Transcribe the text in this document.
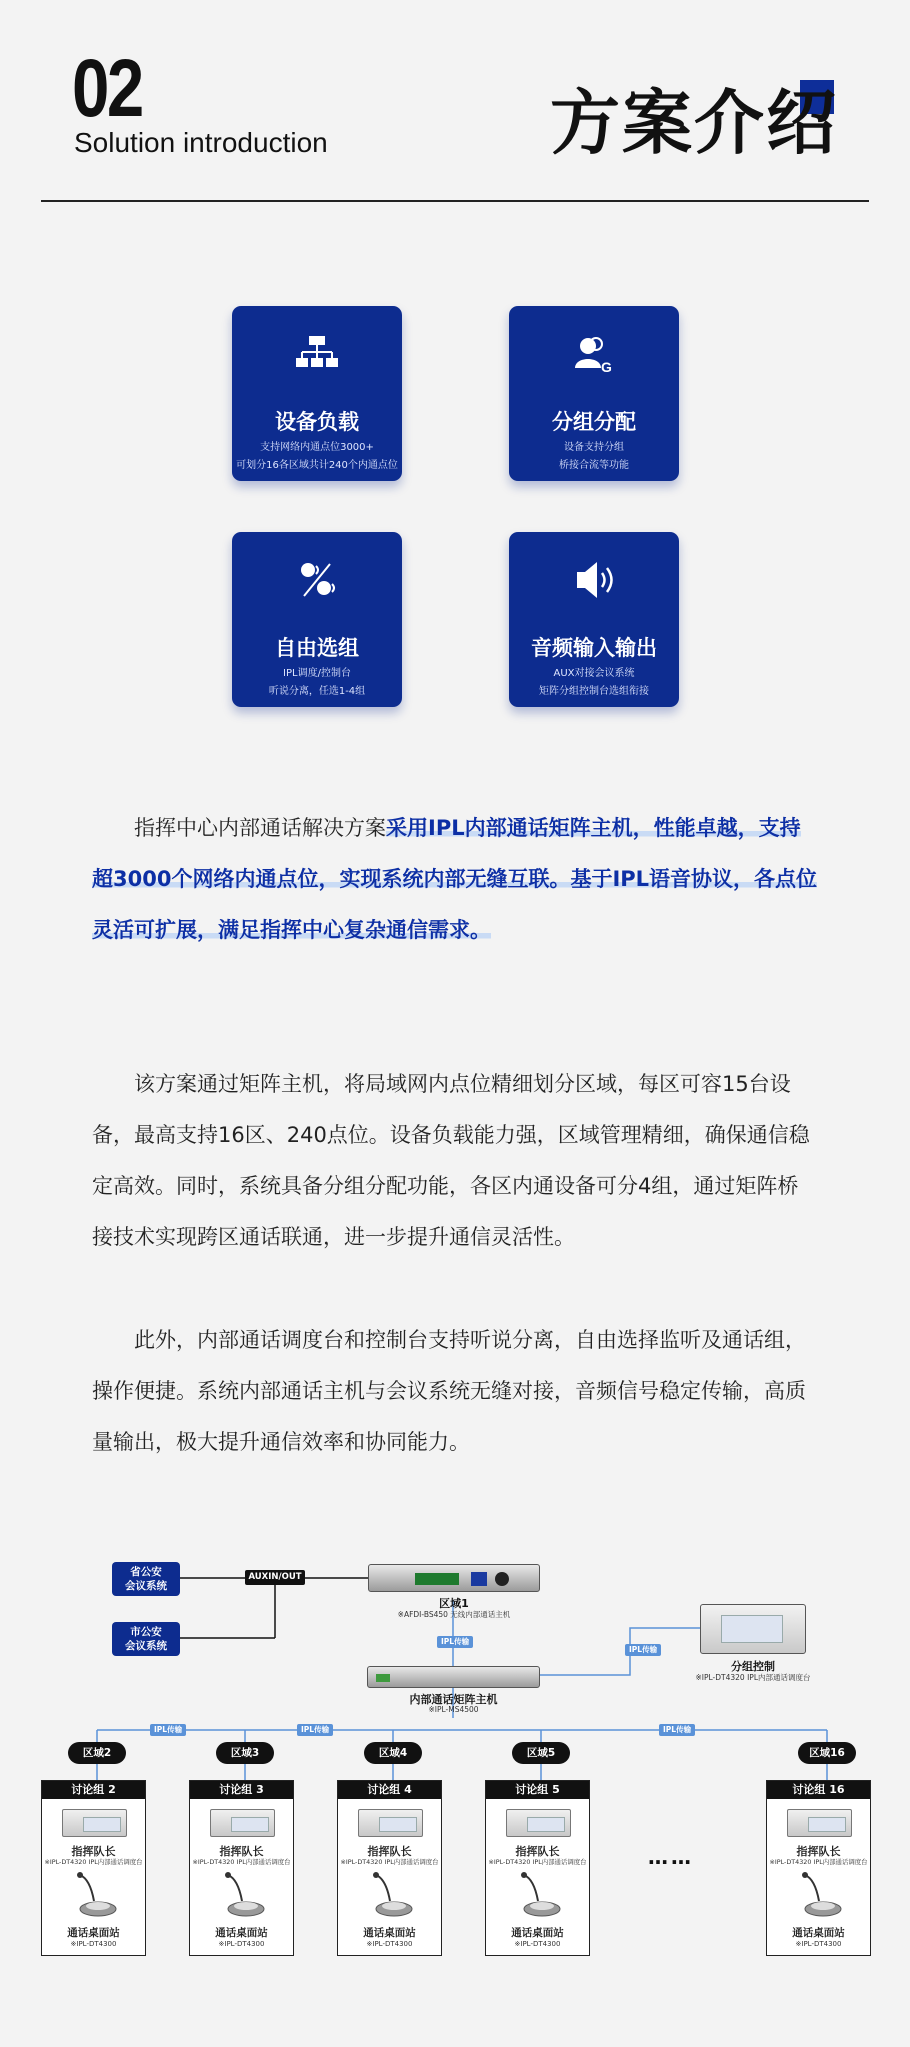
02
Solution introduction	方案介绍
设备负载
支持网络内通点位3000+
可划分16各区域共计240个内通点位
G
分组分配
设备支持分组
桥接合流等功能
自由选组
IPL调度/控制台
听说分离，任选1-4组
音频输入输出
AUX对接会议系统
矩阵分组控制台选组衔接

指挥中心内部通话解决方案采用IPL内部通话矩阵主机，性能卓越，支持超3000个网络内通点位，实现系统内部无缝互联。基于IPL语音协议，各点位灵活可扩展，满足指挥中心复杂通信需求。

该方案通过矩阵主机，将局域网内点位精细划分区域，每区可容15台设备，最高支持16区、240点位。设备负载能力强，区域管理精细，确保通信稳定高效。同时，系统具备分组分配功能，各区内通设备可分4组，通过矩阵桥接技术实现跨区通话联通，进一步提升通信灵活性。

此外，内部通话调度台和控制台支持听说分离，自由选择监听及通话组，操作便捷。系统内部通话主机与会议系统无缝对接，音频信号稳定传输，高质量输出，极大提升通信效率和协同能力。

省公安
会议系统
市公安
会议系统
AUXIN/OUT
区域1
※AFDI-BS450 无线内部通话主机
IPL传输
内部通话矩阵主机
※IPL-MS4500
IPL传输
分组控制
※IPL-DT4320 IPL内部通话调度台
IPL传输	IPL传输	IPL传输
区域2	区域3	区域4	区域5	区域16
讨论组 2
指挥队长
※IPL-DT4320 IPL内部通话调度台
通话桌面站
※IPL-DT4300
讨论组 3
指挥队长
※IPL-DT4320 IPL内部通话调度台
通话桌面站
※IPL-DT4300
讨论组 4
指挥队长
※IPL-DT4320 IPL内部通话调度台
通话桌面站
※IPL-DT4300
讨论组 5
指挥队长
※IPL-DT4320 IPL内部通话调度台
通话桌面站
※IPL-DT4300
……
讨论组 16
指挥队长
※IPL-DT4320 IPL内部通话调度台
通话桌面站
※IPL-DT4300
